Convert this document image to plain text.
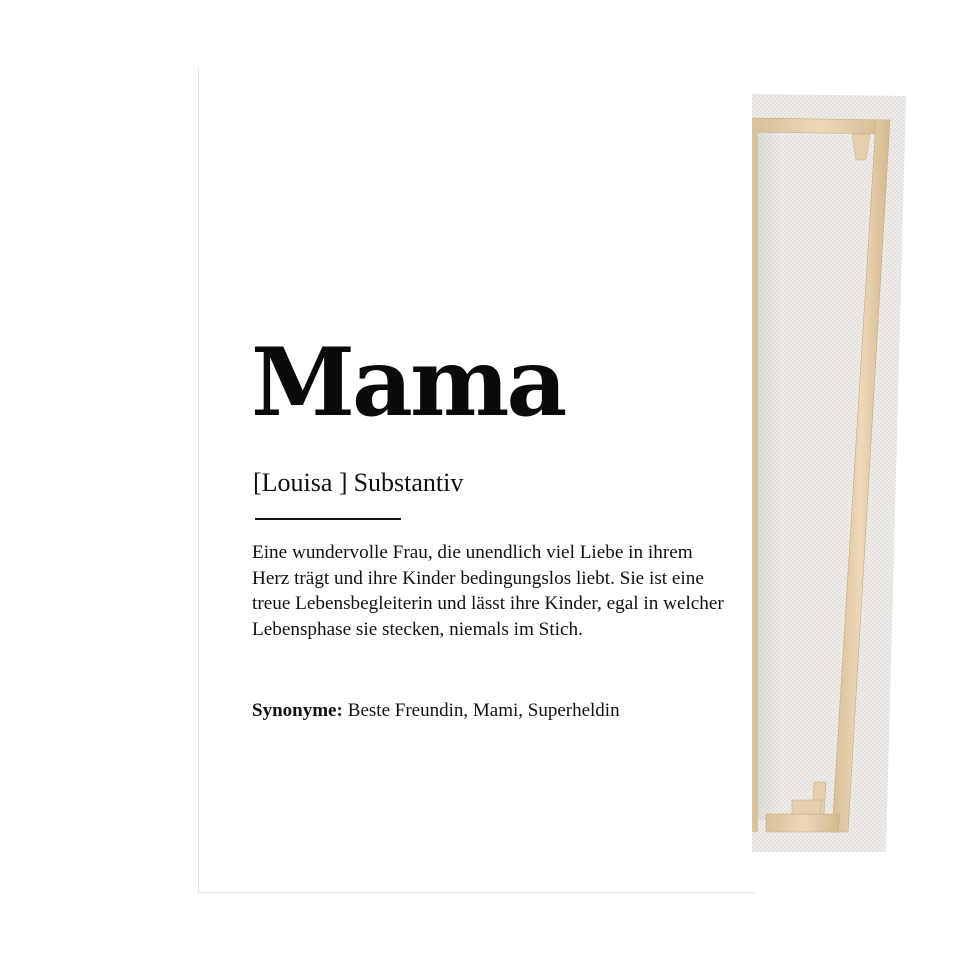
Mama
[Louisa ] Substantiv

Eine wundervolle Frau, die unendlich viel Liebe in ihrem Herz trägt und ihre Kinder bedingungslos liebt. Sie ist eine treue Lebensbegleiterin und lässt ihre Kinder, egal in welcher Lebensphase sie stecken, niemals im Stich.

Synonyme: Beste Freundin, Mami, Superheldin
